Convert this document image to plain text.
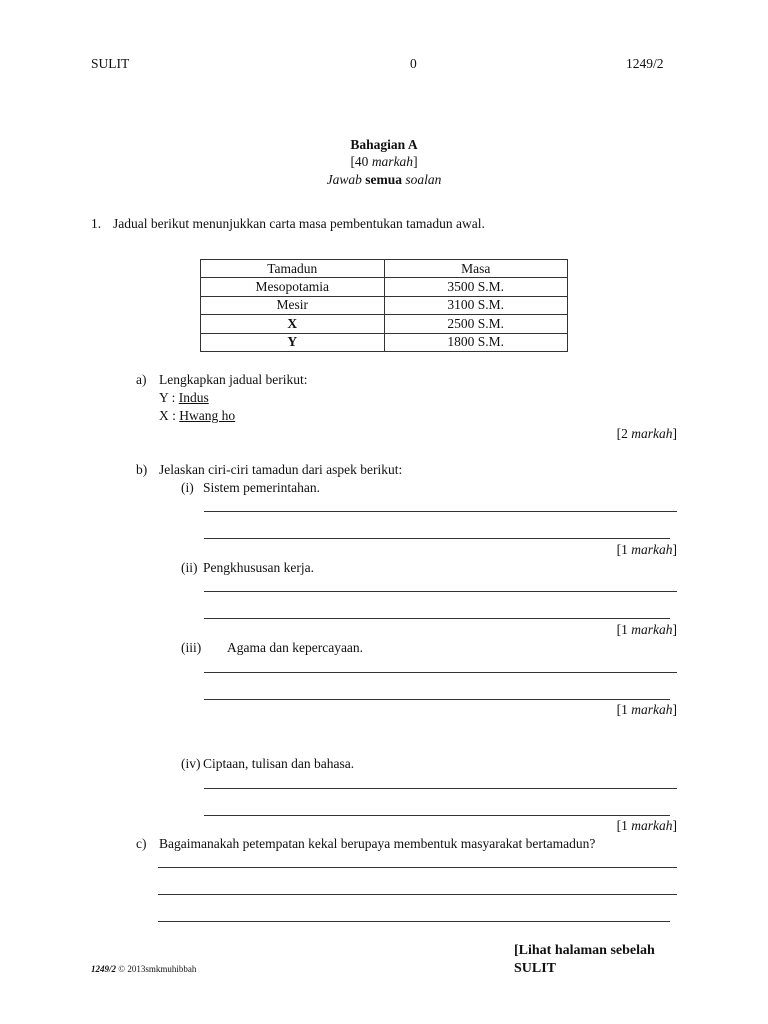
SULIT	0	1249/2
Bahagian A
[40 markah]
Jawab semua soalan
1. Jadual berikut menunjukkan carta masa pembentukan tamadun awal.
Tamadun	Masa
Mesopotamia	3500 S.M.
Mesir	3100 S.M.
X	2500 S.M.
Y	1800 S.M.
a) Lengkapkan jadual berikut:
Y : Indus
X : Hwang ho
[2 markah]
b) Jelaskan ciri-ciri tamadun dari aspek berikut:
(i) Sistem pemerintahan.
[1 markah]
(ii) Pengkhususan kerja.
[1 markah]
(iii) Agama dan kepercayaan.
[1 markah]
(iv) Ciptaan, tulisan dan bahasa.
[1 markah]
c) Bagaimanakah petempatan kekal berupaya membentuk masyarakat bertamadun?
[Lihat halaman sebelah
1249/2 © 2013smkmuhibbah	SULIT
